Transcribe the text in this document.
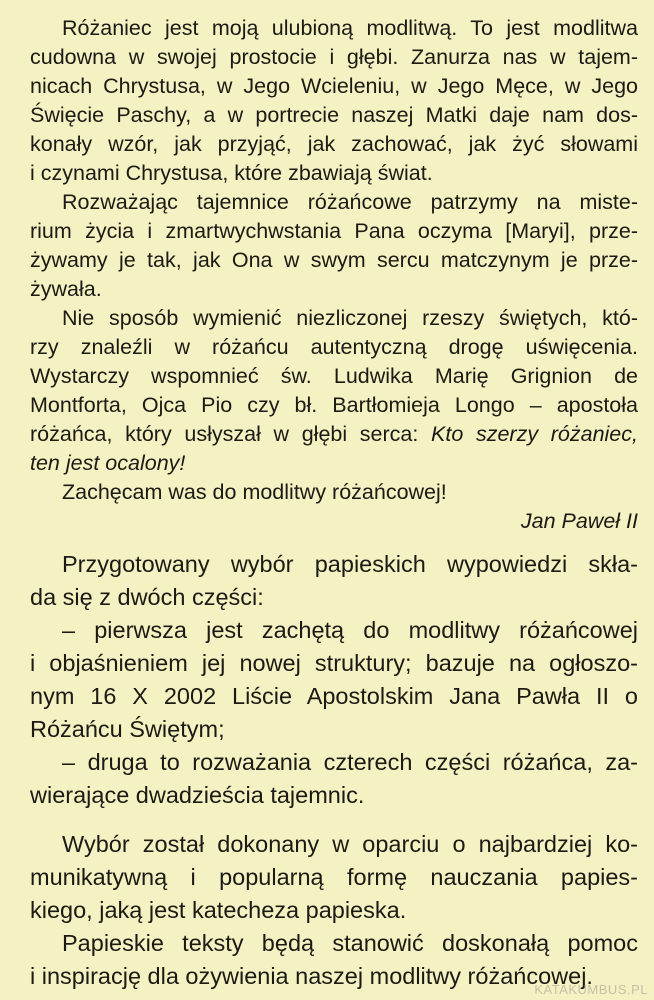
Różaniec jest moją ulubioną modlitwą. To jest modlitwa
cudowna w swojej prostocie i głębi. Zanurza nas w tajem-
nicach Chrystusa, w Jego Wcieleniu, w Jego Męce, w Jego
Święcie Paschy, a w portrecie naszej Matki daje nam dos-
konały wzór, jak przyjąć, jak zachować, jak żyć słowami
i czynami Chrystusa, które zbawiają świat.
Rozważając tajemnice różańcowe patrzymy na miste-
rium życia i zmartwychwstania Pana oczyma [Maryi], prze-
żywamy je tak, jak Ona w swym sercu matczynym je prze-
żywała.
Nie sposób wymienić niezliczonej rzeszy świętych, któ-
rzy znaleźli w różańcu autentyczną drogę uświęcenia.
Wystarczy wspomnieć św. Ludwika Marię Grignion de
Montforta, Ojca Pio czy bł. Bartłomieja Longo – apostoła
różańca, który usłyszał w głębi serca: Kto szerzy różaniec,
ten jest ocalony!
Zachęcam was do modlitwy różańcowej!
Jan Paweł II
Przygotowany wybór papieskich wypowiedzi skła-
da się z dwóch części:
– pierwsza jest zachętą do modlitwy różańcowej
i objaśnieniem jej nowej struktury; bazuje na ogłoszo-
nym 16 X 2002 Liście Apostolskim Jana Pawła II o
Różańcu Świętym;
– druga to rozważania czterech części różańca, za-
wierające dwadzieścia tajemnic.
Wybór został dokonany w oparciu o najbardziej ko-
munikatywną i popularną formę nauczania papies-
kiego, jaką jest katecheza papieska.
Papieskie teksty będą stanowić doskonałą pomoc
i inspirację dla ożywienia naszej modlitwy różańcowej.
KATAKUMBUS.PL
